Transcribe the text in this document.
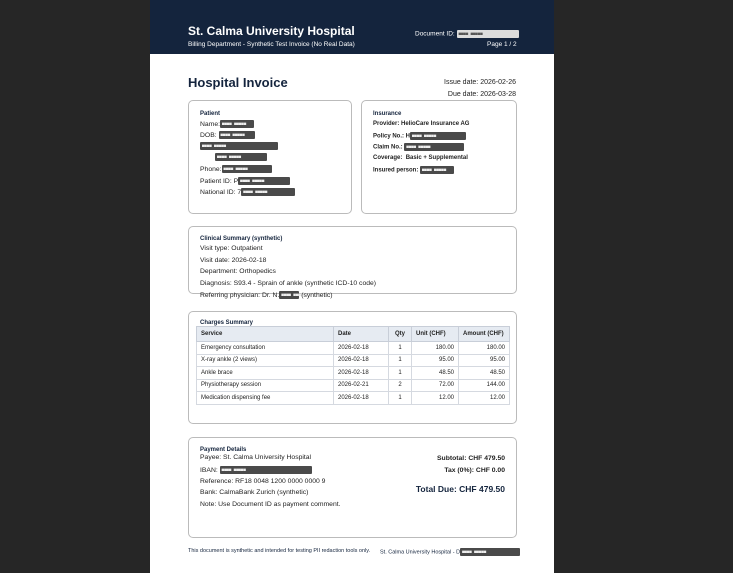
St. Calma University Hospital
Billing Department - Synthetic Test Invoice (No Real Data)
Document ID: ■■■■ ■■■■■
Page 1 / 2
Hospital Invoice	Issue date: 2026-02-26
Due date: 2026-03-28
Patient
Name: ■■■■ ■■■■■
DOB: ■■■■ ■■■■■
■■■■ ■■■■■
■■■■ ■■■■■
Phone: ■■■■ ■■■■■
Patient ID: P ■■■■ ■■■■■
National ID: 7 ■■■■ ■■■■■
Insurance
Provider: HelioCare Insurance AG
Policy No.: H ■■■■ ■■■■■
Claim No.: ■■■■ ■■■■■
Coverage: Basic + Supplemental
Insured person: ■■■■ ■■■■■
Clinical Summary (synthetic)
Visit type: Outpatient
Visit date: 2026-02-18
Department: Orthopedics
Diagnosis: S93.4 - Sprain of ankle (synthetic ICD-10 code)
Referring physician: Dr. N. ■■■■ ■■■■■ (synthetic)
Charges Summary
Service	Date	Qty	Unit (CHF)	Amount (CHF)
Emergency consultation	2026-02-18	1	180.00	180.00
X-ray ankle (2 views)	2026-02-18	1	95.00	95.00
Ankle brace	2026-02-18	1	48.50	48.50
Physiotherapy session	2026-02-21	2	72.00	144.00
Medication dispensing fee	2026-02-18	1	12.00	12.00
Payment Details
Payee: St. Calma University Hospital
IBAN: ■■■■ ■■■■■
Reference: RF18 0048 1200 0000 0000 9
Bank: CalmaBank Zurich (synthetic)
Note: Use Document ID as payment comment.
Subtotal: CHF 479.50
Tax (0%): CHF 0.00
Total Due: CHF 479.50
This document is synthetic and intended for testing PII redaction tools only. St. Calma University Hospital - D ■■■■ ■■■■■
